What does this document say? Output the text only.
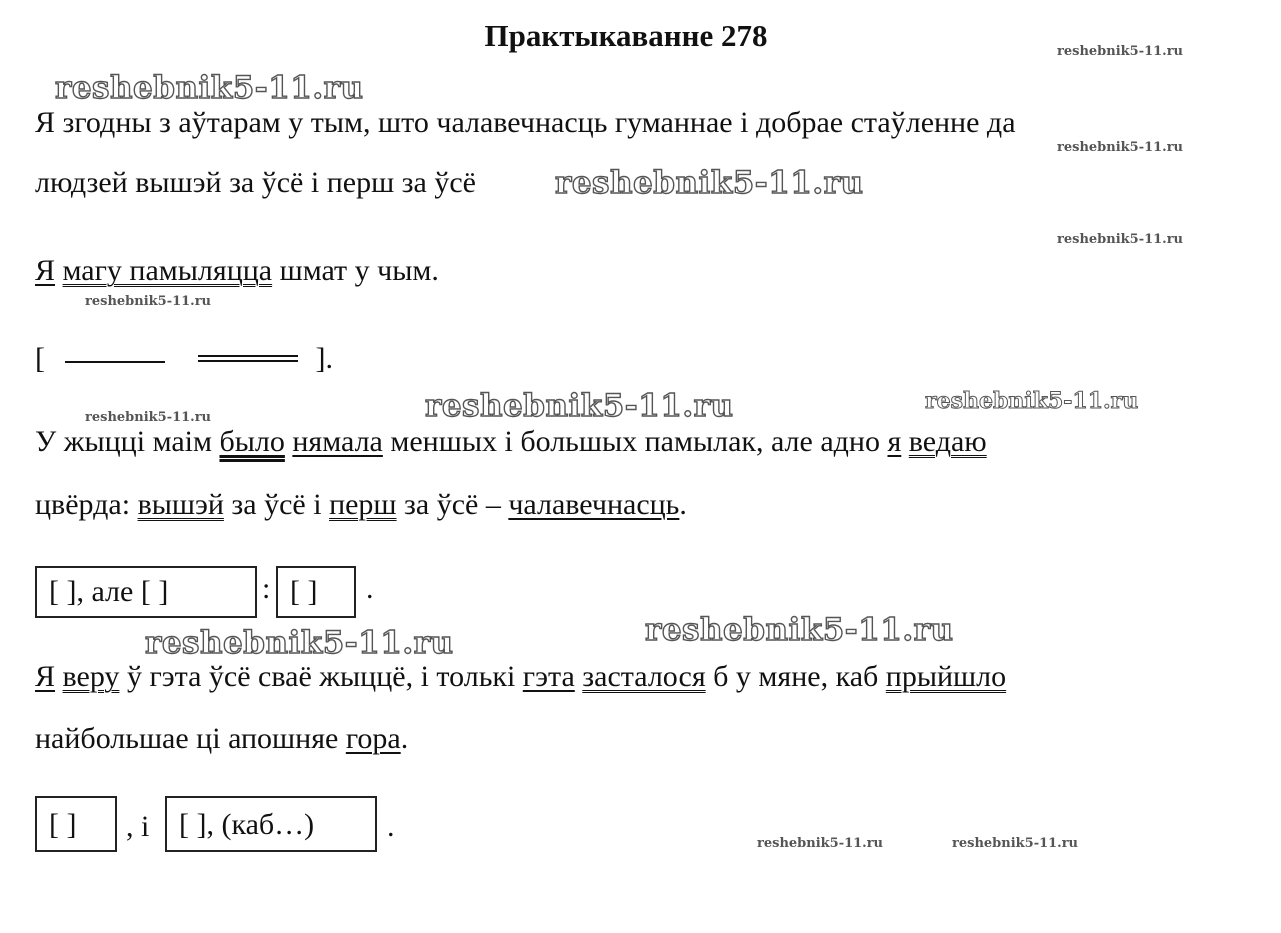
Практыкаванне 278
Я згодны з аўтарам у тым, што чалавечнасць гуманнае і добрае стаўленне да
людзей вышэй за ўсё і перш за ўсё
Я магу памыляцца шмат у чым.
[	].
У жыцці маім было нямала меншых і большых памылак, але адно я ведаю
цвёрда: вышэй за ўсё і перш за ўсё – чалавечнасць.
[ ], але [ ]	: [ ]	.
Я веру ў гэта ўсё сваё жыццё, і толькі гэта засталося б у мяне, каб прыйшло
найбольшае ці апошняе гора.
[ ]	, і [ ], (каб…)	.
reshebnik5-11.ru
reshebnik5-11.ru
reshebnik5-11.ru
reshebnik5-11.ru	reshebnik5-11.ru
reshebnik5-11.ru
reshebnik5-11.ru
reshebnik5-11.ru
reshebnik5-11.ru
reshebnik5-11.ru
reshebnik5-11.ru
reshebnik5-11.ru	reshebnik5-11.ru
